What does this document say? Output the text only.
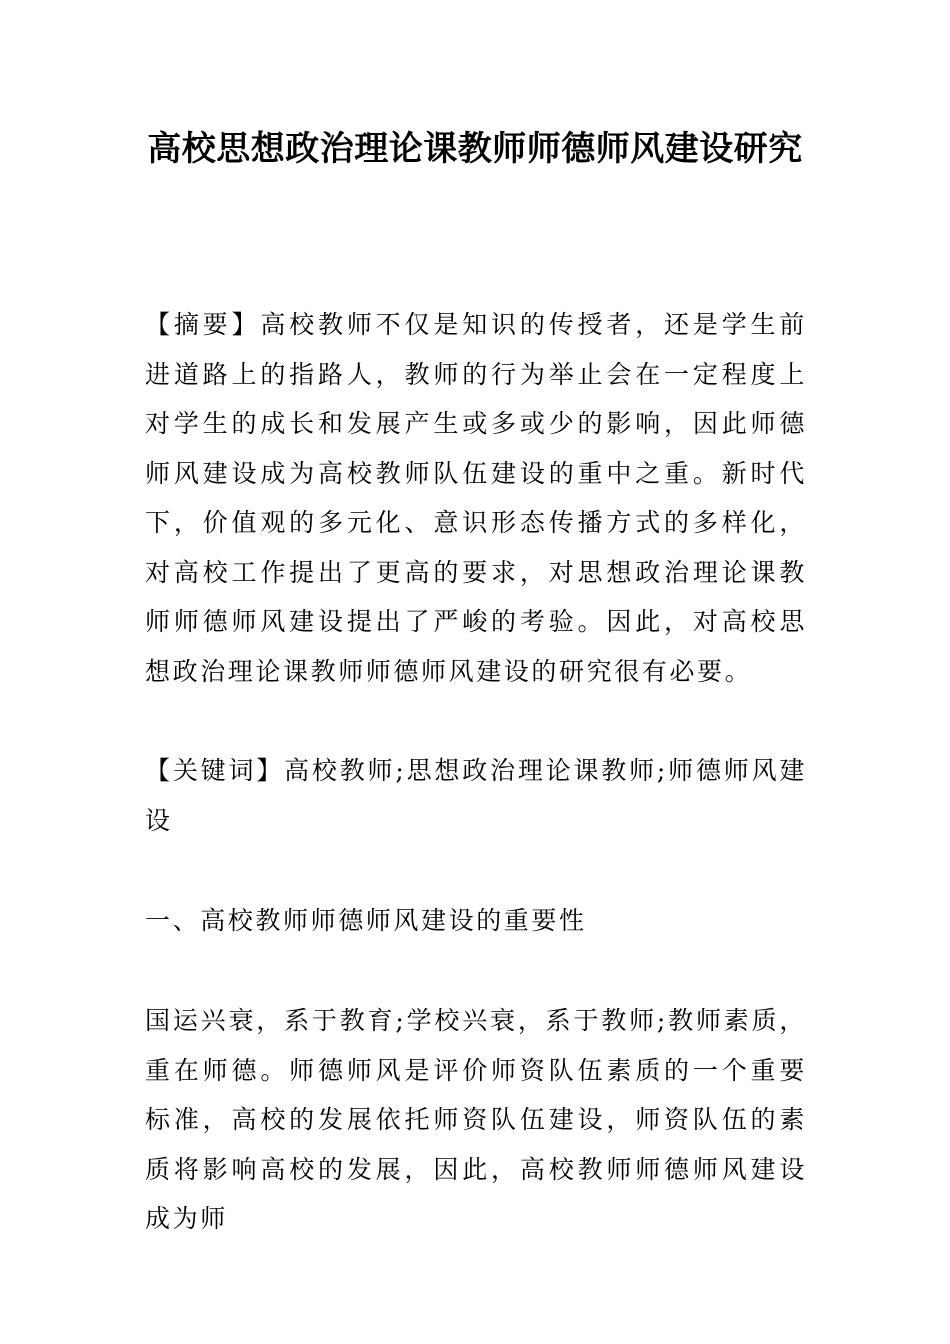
高校思想政治理论课教师师德师风建设研究

【摘要】高校教师不仅是知识的传授者，还是学生前进道路上的指路人，教师的行为举止会在一定程度上对学生的成长和发展产生或多或少的影响，因此师德师风建设成为高校教师队伍建设的重中之重。新时代下，价值观的多元化、意识形态传播方式的多样化，对高校工作提出了更高的要求，对思想政治理论课教师师德师风建设提出了严峻的考验。因此，对高校思想政治理论课教师师德师风建设的研究很有必要。

【关键词】高校教师;思想政治理论课教师;师德师风建设

一、高校教师师德师风建设的重要性

国运兴衰，系于教育;学校兴衰，系于教师;教师素质，重在师德。师德师风是评价师资队伍素质的一个重要标准，高校的发展依托师资队伍建设，师资队伍的素质将影响高校的发展，因此，高校教师师德师风建设成为师
